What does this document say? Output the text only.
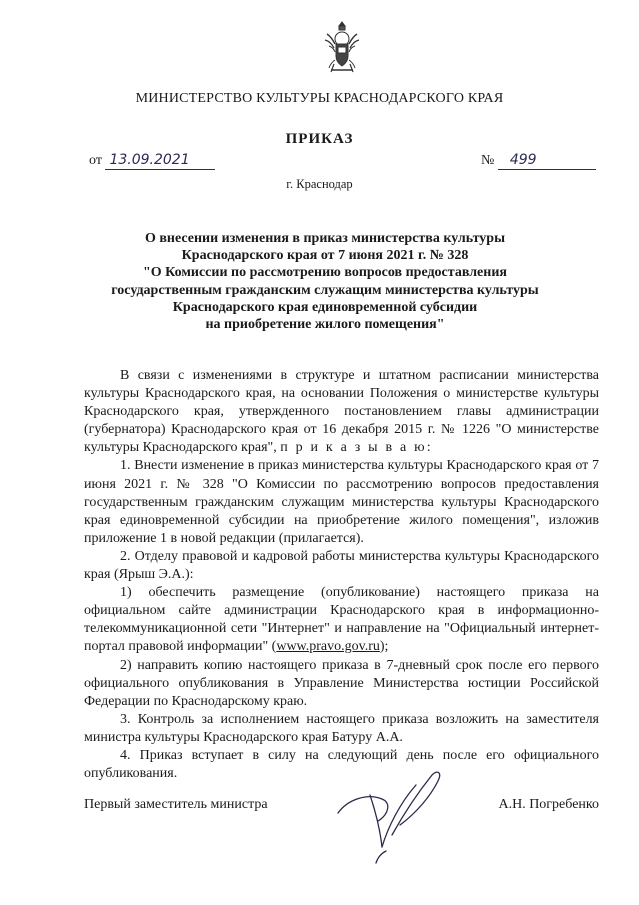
МИНИСТЕРСТВО КУЛЬТУРЫ КРАСНОДАРСКОГО КРАЯ
ПРИКАЗ
от 13.09.2021	№ 499
г. Краснодар
О внесении изменения в приказ министерства культуры
Краснодарского края от 7 июня 2021 г. № 328
"О Комиссии по рассмотрению вопросов предоставления
государственным гражданским служащим министерства культуры
Краснодарского края единовременной субсидии
на приобретение жилого помещения"

В связи с изменениями в структуре и штатном расписании министерства культуры Краснодарского края, на основании Положения о министерстве культуры Краснодарского края, утвержденного постановлением главы администрации (губернатора) Краснодарского края от 16 декабря 2015 г. № 1226 "О министерстве культуры Краснодарского края", п р и к а з ы в а ю:

1. Внести изменение в приказ министерства культуры Краснодарского края от 7 июня 2021 г. № 328 "О Комиссии по рассмотрению вопросов предоставления государственным гражданским служащим министерства культуры Краснодарского края единовременной субсидии на приобретение жилого помещения", изложив приложение 1 в новой редакции (прилагается).

2. Отделу правовой и кадровой работы министерства культуры Краснодарского края (Ярыш Э.А.):

1) обеспечить размещение (опубликование) настоящего приказа на официальном сайте администрации Краснодарского края в информационно-телекоммуникационной сети "Интернет" и направление на "Официальный интернет-портал правовой информации" (www.pravo.gov.ru);

2) направить копию настоящего приказа в 7-дневный срок после его первого официального опубликования в Управление Министерства юстиции Российской Федерации по Краснодарскому краю.

3. Контроль за исполнением настоящего приказа возложить на заместителя министра культуры Краснодарского края Батуру А.А.

4. Приказ вступает в силу на следующий день после его официального опубликования.

Первый заместитель министра	А.Н. Погребенко
